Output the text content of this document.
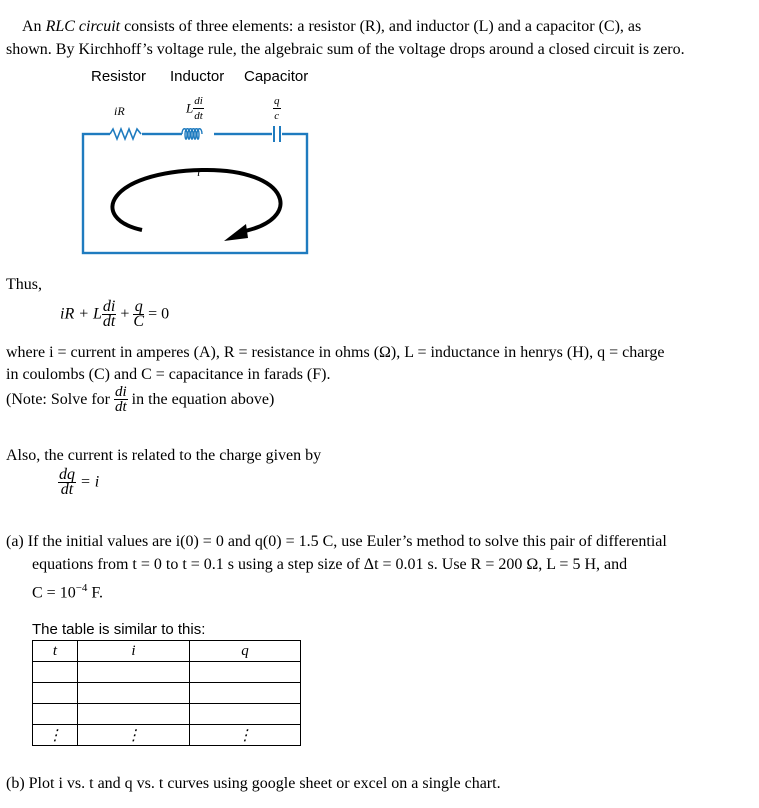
An RLC circuit consists of three elements: a resistor (R), and inductor (L) and a capacitor (C), as
shown. By Kirchhoff’s voltage rule, the algebraic sum of the voltage drops around a closed circuit is zero.
Resistor Inductor Capacitor
iR	L $\frac{di}{dt}$	$\frac{q}{c}$
i
Thus,
iR + L $\frac{di}{dt} + \frac{q}{C} = 0$
where i = current in amperes (A), R = resistance in ohms (Ω), L = inductance in henrys (H), q = charge
in coulombs (C) and C = capacitance in farads (F).
(Note: Solve for $\frac{di}{dt}$ in the equation above)
Also, the current is related to the charge given by
$\frac{dq}{dt} = i$
(a) If the initial values are i(0) = 0 and q(0) = 1.5 C, use Euler’s method to solve this pair of differential
equations from t = 0 to t = 0.1 s using a step size of Δt = 0.01 s. Use R = 200 Ω, L = 5 H, and
$C = 10^{-4}$ F.
The table is similar to this:
t	i	q

⋮	⋮	⋮
(b) Plot i vs. t and q vs. t curves using google sheet or excel on a single chart.
